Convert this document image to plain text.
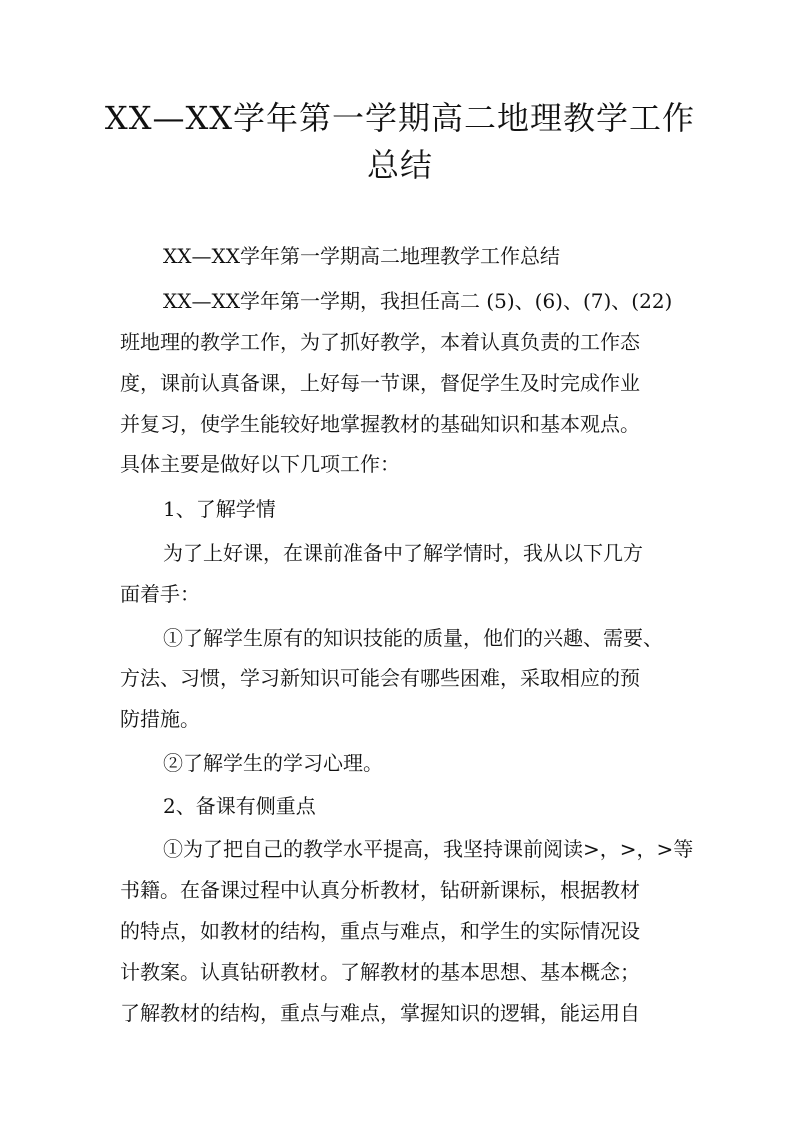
XX—XX学年第一学期高二地理教学工作
总结
XX—XX学年第一学期高二地理教学工作总结
XX—XX学年第一学期，我担任高二 (5)、(6)、(7)、(22)
班地理的教学工作，为了抓好教学，本着认真负责的工作态
度，课前认真备课，上好每一节课，督促学生及时完成作业
并复习，使学生能较好地掌握教材的基础知识和基本观点。
具体主要是做好以下几项工作：
1、了解学情
为了上好课，在课前准备中了解学情时，我从以下几方
面着手：
①了解学生原有的知识技能的质量，他们的兴趣、需要、
方法、习惯，学习新知识可能会有哪些困难，采取相应的预
防措施。
②了解学生的学习心理。
2、备课有侧重点
①为了把自己的教学水平提高，我坚持课前阅读>，>，>等
书籍。在备课过程中认真分析教材，钻研新课标，根据教材
的特点，如教材的结构，重点与难点，和学生的实际情况设
计教案。认真钻研教材。了解教材的基本思想、基本概念；
了解教材的结构，重点与难点，掌握知识的逻辑，能运用自
